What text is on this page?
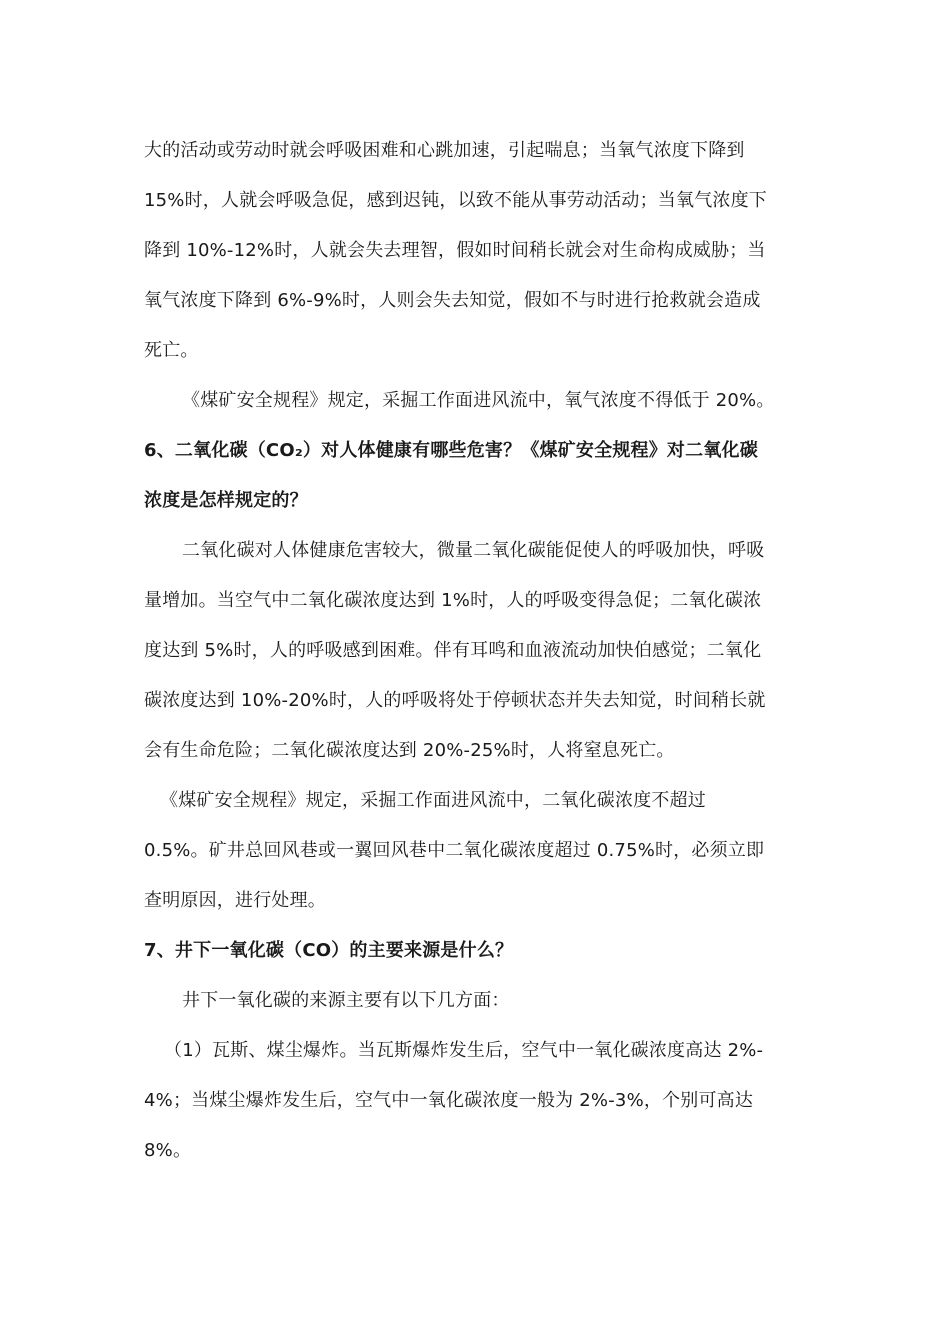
大的活动或劳动时就会呼吸困难和心跳加速，引起喘息；当氧气浓度下降到
15%时，人就会呼吸急促，感到迟钝，以致不能从事劳动活动；当氧气浓度下
降到 10%-12%时，人就会失去理智，假如时间稍长就会对生命构成威胁；当
氧气浓度下降到 6%-9%时，人则会失去知觉，假如不与时进行抢救就会造成
死亡。
《煤矿安全规程》规定，采掘工作面进风流中，氧气浓度不得低于 20%。
6、二氧化碳（CO₂）对人体健康有哪些危害？《煤矿安全规程》对二氧化碳
浓度是怎样规定的？
二氧化碳对人体健康危害较大，微量二氧化碳能促使人的呼吸加快，呼吸
量增加。当空气中二氧化碳浓度达到 1%时，人的呼吸变得急促；二氧化碳浓
度达到 5%时，人的呼吸感到困难。伴有耳鸣和血液流动加快伯感觉；二氧化
碳浓度达到 10%-20%时，人的呼吸将处于停顿状态并失去知觉，时间稍长就
会有生命危险；二氧化碳浓度达到 20%-25%时，人将窒息死亡。
《煤矿安全规程》规定，采掘工作面进风流中，二氧化碳浓度不超过
0.5%。矿井总回风巷或一翼回风巷中二氧化碳浓度超过 0.75%时，必须立即
查明原因，进行处理。
7、井下一氧化碳（CO）的主要来源是什么？
井下一氧化碳的来源主要有以下几方面：
（1）瓦斯、煤尘爆炸。当瓦斯爆炸发生后，空气中一氧化碳浓度高达 2%-
4%；当煤尘爆炸发生后，空气中一氧化碳浓度一般为 2%-3%，个别可高达
8%。
